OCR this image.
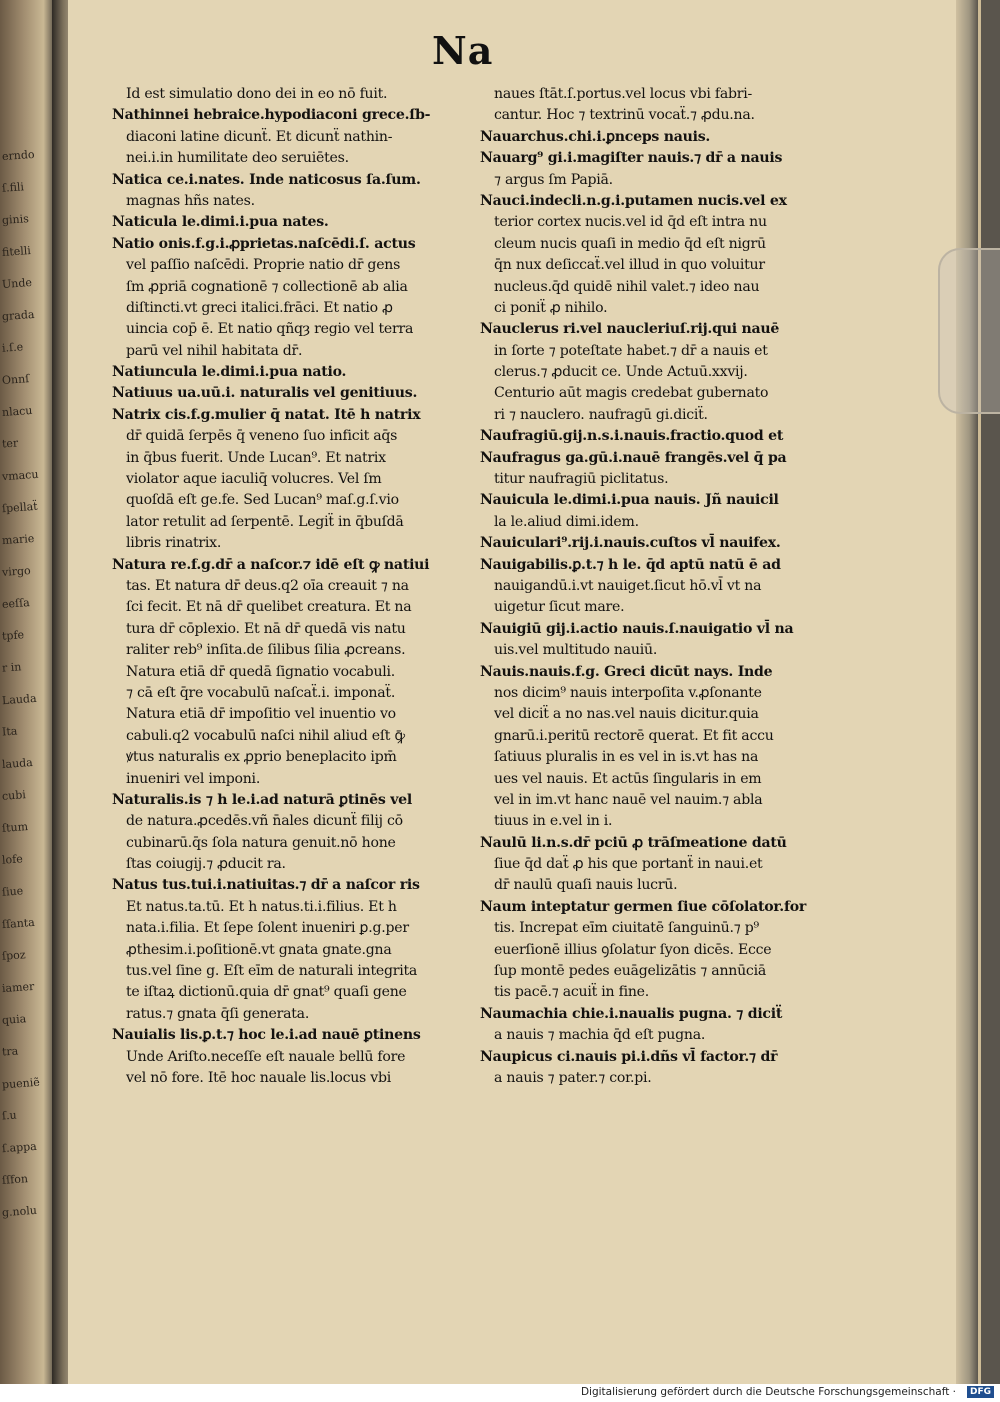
erndo
ſ.fili
ginis
fitelli
Unde
grada
i.ſ.e
Onnſ
nlacu
ter
vmacu
ſpellaẗ
marie
virgo
eeſſa
tpfe
r in
Lauda
Ita
lauda
cubi
ſtum
lofe
ſiue
ſſanta
ſpoz
iamer
quia
tra
pueniẽ
ſ.u
ſ.appa
ſſfon
g.nolu
Na
Id est simulatio dono dei in eo nō fuit.
Nathinnei hebraice.hypodiaconi grece.ſb-
diaconi latine dicunẗ. Et dicunẗ nathin-
nei.i.in humilitate deo seruiētes.
Natica ce.i.nates. Inde naticosus ſa.ſum.
magnas hñs nates.
Naticula le.dimi.i.pua nates.
Natio onis.f.g.i.ꝓprietas.naſcēdi.ſ. actus
vel paſſio naſcēdi. Proprie natio dr̄ gens
ſm ꝓpriā cognationē ⁊ collectionē ab alia
diſtincti.vt greci italici.frāci. Et natio ꝓ
uincia cop̄ ē. Et natio qñqȝ regio vel terra
parū vel nihil habitata dr̄.
Natiuncula le.dimi.i.pua natio.
Natiuus ua.uū.i. naturalis vel genitiuus.
Natrix cis.f.g.mulier q̄ natat. Itē h natrix
dr̄ quidā ſerpēs q̄ veneno ſuo inficit aq̄s
in q̄bus fuerit. Unde Lucan⁹. Et natrix
violator aque iaculiq̄ volucres. Vel ſm
quoſdā eſt ge.fe. Sed Lucan⁹ maſ.g.ſ.vio
lator retulit ad ſerpentē. Legiẗ in q̄buſdā
libris rinatrix.
Natura re.f.g.dr̄ a naſcor.⁊ idē eſt ꝙ natiui
tas. Et natura dr̄ deus.q2 oīa creauit ⁊ na
ſci fecit. Et nā dr̄ quelibet creatura. Et na
tura dr̄ cōplexio. Et nā dr̄ quedā vis natu
raliter reb⁹ inſita.de ſilibus ſilia ꝓcreans.
Natura etiā dr̄ quedā ſignatio vocabuli.
⁊ cā eſt q̄re vocabulū naſcaẗ.i. imponaẗ.
Natura etiā dr̄ impoſitio vel inuentio vo
cabuli.q2 vocabulū naſci nihil aliud eſt ꝙ̄
ꝟtus naturalis ex ꝓprio beneplacito ipm̄
inueniri vel imponi.
Naturalis.is ⁊ h le.i.ad naturā ꝑtinēs vel
de natura.ꝓcedēs.vñ n̄ales dicunẗ filij cō
cubinarū.q̄s ſola natura genuit.nō hone
ſtas coiugij.⁊ ꝓducit ra.
Natus tus.tui.i.natiuitas.⁊ dr̄ a naſcor ris
Et natus.ta.tū. Et h natus.ti.i.filius. Et h
nata.i.filia. Et ſepe ſolent inueniri ꝑ.g.per
ꝓthesim.i.poſitionē.vt gnata gnate.gna
tus.vel ſine g. Eſt eīm de naturali integrita
te iſtaꝝ dictionū.quia dr̄ gnat⁹ quaſi gene
ratus.⁊ gnata q̄ſi generata.
Nauialis lis.ꝑ.t.⁊ hoc le.i.ad nauē ꝑtinens
Unde Ariſto.neceſſe eſt nauale bellū fore
vel nō fore. Itē hoc nauale lis.locus vbi
naues ſtāt.ſ.portus.vel locus vbi fabri-
cantur. Hoc ⁊ textrinū vocaẗ.⁊ ꝓdu.na.
Nauarchus.chi.i.ꝑnceps nauis.
Nauarg⁹ gi.i.magiſter nauis.⁊ dr̄ a nauis
⁊ argus ſm Papiā.
Nauci.indecli.n.g.i.putamen nucis.vel ex
terior cortex nucis.vel id q̄d eſt intra nu
cleum nucis quaſi in medio q̄d eſt nigrū
q̄n nux deſiccaẗ.vel illud in quo voluitur
nucleus.q̄d quidē nihil valet.⁊ ideo nau
ci poniẗ ꝓ nihilo.
Nauclerus ri.vel naucleriuſ.rij.qui nauē
in ſorte ⁊ poteſtate habet.⁊ dr̄ a nauis et
clerus.⁊ ꝓducit ce. Unde Actuū.xxvij.
Centurio aūt magis credebat gubernato
ri ⁊ nauclero. naufragū gi.diciẗ.
Naufragiū.gij.n.s.i.nauis.fractio.quod et
Naufragus ga.gū.i.nauē frangēs.vel q̄ pa
titur naufragiū piclitatus.
Nauicula le.dimi.i.pua nauis. Jñ nauicil
la le.aliud dimi.idem.
Nauiculari⁹.rij.i.nauis.cuſtos vl̄ nauifex.
Nauigabilis.ꝑ.t.⁊ h le. q̄d aptū natū ē ad
nauigandū.i.vt nauiget.ſicut hō.vl̄ vt na
uigetur ſicut mare.
Nauigiū gij.i.actio nauis.ſ.nauigatio vl̄ na
uis.vel multitudo nauiū.
Nauis.nauis.f.g. Greci dicūt nays. Inde
nos dicim⁹ nauis interpoſita v.ꝓſonante
vel diciẗ a no nas.vel nauis dicitur.quia
gnarū.i.peritū rectorē querat. Et fit accu
ſatiuus pluralis in es vel in is.vt has na
ues vel nauis. Et actūs ſingularis in em
vel in im.vt hanc nauē vel nauim.⁊ abla
tiuus in e.vel in i.
Naulū li.n.s.dr̄ pciū ꝓ trāſmeatione datū
ſiue q̄d daẗ ꝓ his que portanẗ in naui.et
dr̄ naulū quaſi nauis lucrū.
Naum inteptatur germen ſiue cōſolator.for
tis. Increpat eīm ciuitatē ſanguinū.⁊ p⁹
euerſionē illius ꝯſolatur ſyon dicēs. Ecce
ſup montē pedes euāgelizātis ⁊ annūciā
tis pacē.⁊ acuiẗ in fine.
Naumachia chie.i.naualis pugna. ⁊ diciẗ
a nauis ⁊ machia q̄d eſt pugna.
Naupicus ci.nauis pi.i.dñs vl̄ factor.⁊ dr̄
a nauis ⁊ pater.⁊ cor.pi.
Digitalisierung gefördert durch die Deutsche Forschungsgemeinschaft ·	DFG
